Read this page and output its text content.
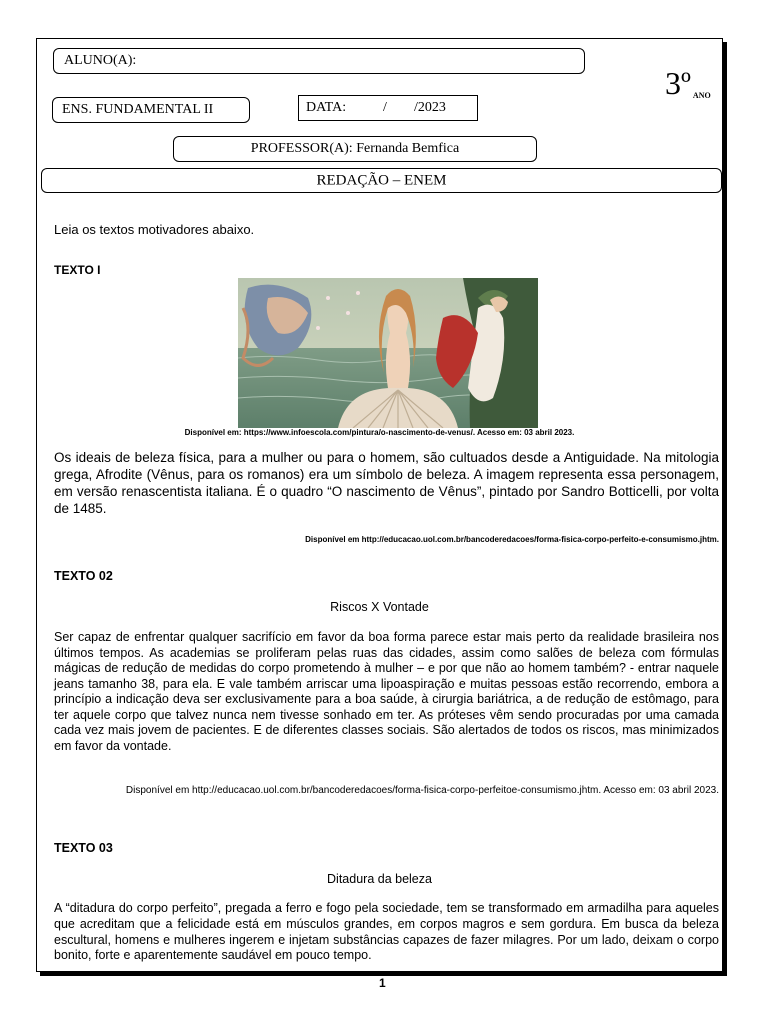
ALUNO(A):
3º $_{ANO}$
ENS. FUNDAMENTAL II	DATA:	/ /2023
PROFESSOR(A): Fernanda Bemfica
REDAÇÃO – ENEM
Leia os textos motivadores abaixo.
TEXTO I
Disponível em: https://www.infoescola.com/pintura/o-nascimento-de-venus/. Acesso em: 03 abril 2023.
Os ideais de beleza física, para a mulher ou para o homem, são cultuados desde a Antiguidade. Na mitologia grega, Afrodite (Vênus, para os romanos) era um símbolo de beleza. A imagem representa essa personagem, em versão renascentista italiana. É o quadro “O nascimento de Vênus”, pintado por Sandro Botticelli, por volta de 1485.
Disponível em http://educacao.uol.com.br/bancoderedacoes/forma-fisica-corpo-perfeito-e-consumismo.jhtm.
TEXTO 02
Riscos X Vontade
Ser capaz de enfrentar qualquer sacrifício em favor da boa forma parece estar mais perto da realidade brasileira nos últimos tempos. As academias se proliferam pelas ruas das cidades, assim como salões de beleza com fórmulas mágicas de redução de medidas do corpo prometendo à mulher – e por que não ao homem também? - entrar naquele jeans tamanho 38, para ela. E vale também arriscar uma lipoaspiração e muitas pessoas estão recorrendo, embora a princípio a indicação deva ser exclusivamente para a boa saúde, à cirurgia bariátrica, a de redução de estômago, para ter aquele corpo que talvez nunca nem tivesse sonhado em ter. As próteses vêm sendo procuradas por uma camada cada vez mais jovem de pacientes. E de diferentes classes sociais. São alertados de todos os riscos, mas minimizados em favor da vontade.
Disponível em http://educacao.uol.com.br/bancoderedacoes/forma-fisica-corpo-perfeitoe-consumismo.jhtm. Acesso em: 03 abril 2023.
TEXTO 03
Ditadura da beleza
A “ditadura do corpo perfeito”, pregada a ferro e fogo pela sociedade, tem se transformado em armadilha para aqueles que acreditam que a felicidade está em músculos grandes, em corpos magros e sem gordura. Em busca da beleza escultural, homens e mulheres ingerem e injetam substâncias capazes de fazer milagres. Por um lado, deixam o corpo bonito, forte e aparentemente saudável em pouco tempo.
1
